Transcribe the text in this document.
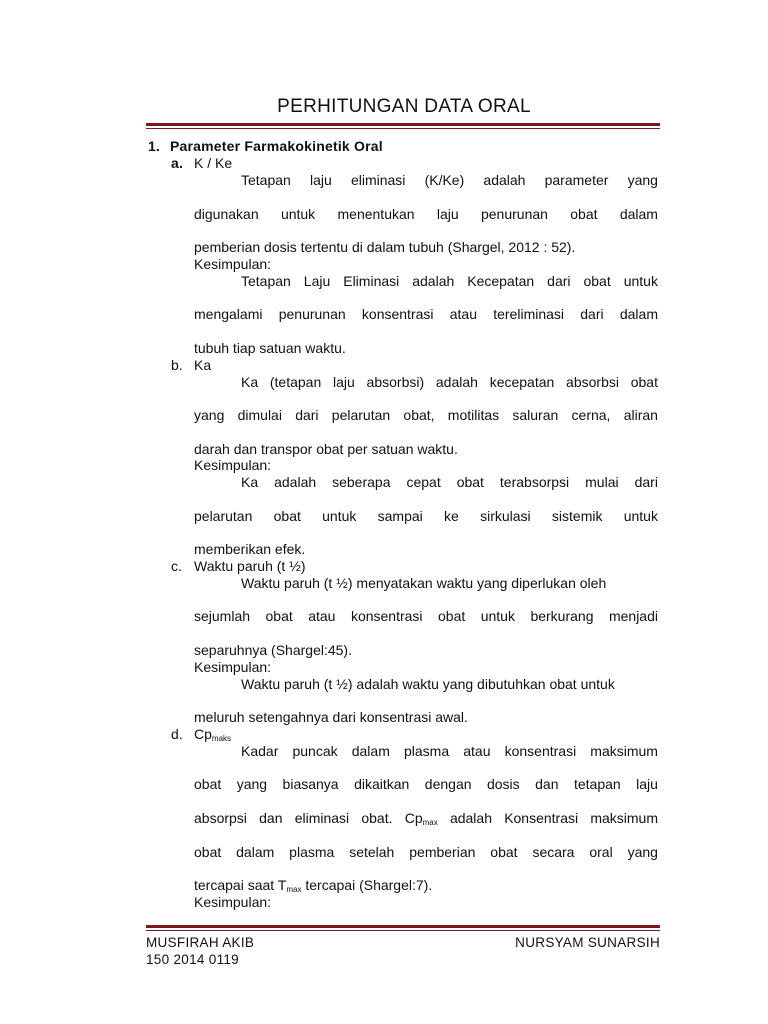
PERHITUNGAN DATA ORAL
1. Parameter Farmakokinetik Oral
a. K / Ke
Tetapan laju eliminasi (K/Ke) adalah parameter yang
digunakan untuk menentukan laju penurunan obat dalam
pemberian dosis tertentu di dalam tubuh (Shargel, 2012 : 52).
Kesimpulan:
Tetapan Laju Eliminasi adalah Kecepatan dari obat untuk
mengalami penurunan konsentrasi atau tereliminasi dari dalam
tubuh tiap satuan waktu.
b. Ka
Ka (tetapan laju absorbsi) adalah kecepatan absorbsi obat
yang dimulai dari pelarutan obat, motilitas saluran cerna, aliran
darah dan transpor obat per satuan waktu.
Kesimpulan:
Ka adalah seberapa cepat obat terabsorpsi mulai dari
pelarutan obat untuk sampai ke sirkulasi sistemik untuk
memberikan efek.
c. Waktu paruh (t ½)
Waktu paruh (t ½) menyatakan waktu yang diperlukan oleh
sejumlah obat atau konsentrasi obat untuk berkurang menjadi
separuhnya (Shargel:45).
Kesimpulan:
Waktu paruh (t ½) adalah waktu yang dibutuhkan obat untuk
meluruh setengahnya dari konsentrasi awal.
d. $Cp_{maks}$
Kadar puncak dalam plasma atau konsentrasi maksimum
obat yang biasanya dikaitkan dengan dosis dan tetapan laju
absorpsi dan eliminasi obat. $Cp_{max}$ adalah Konsentrasi maksimum
obat dalam plasma setelah pemberian obat secara oral yang
tercapai saat $T_{max}$ tercapai (Shargel:7).
Kesimpulan:
MUSFIRAH AKIB
150 2014 0119
NURSYAM SUNARSIH
